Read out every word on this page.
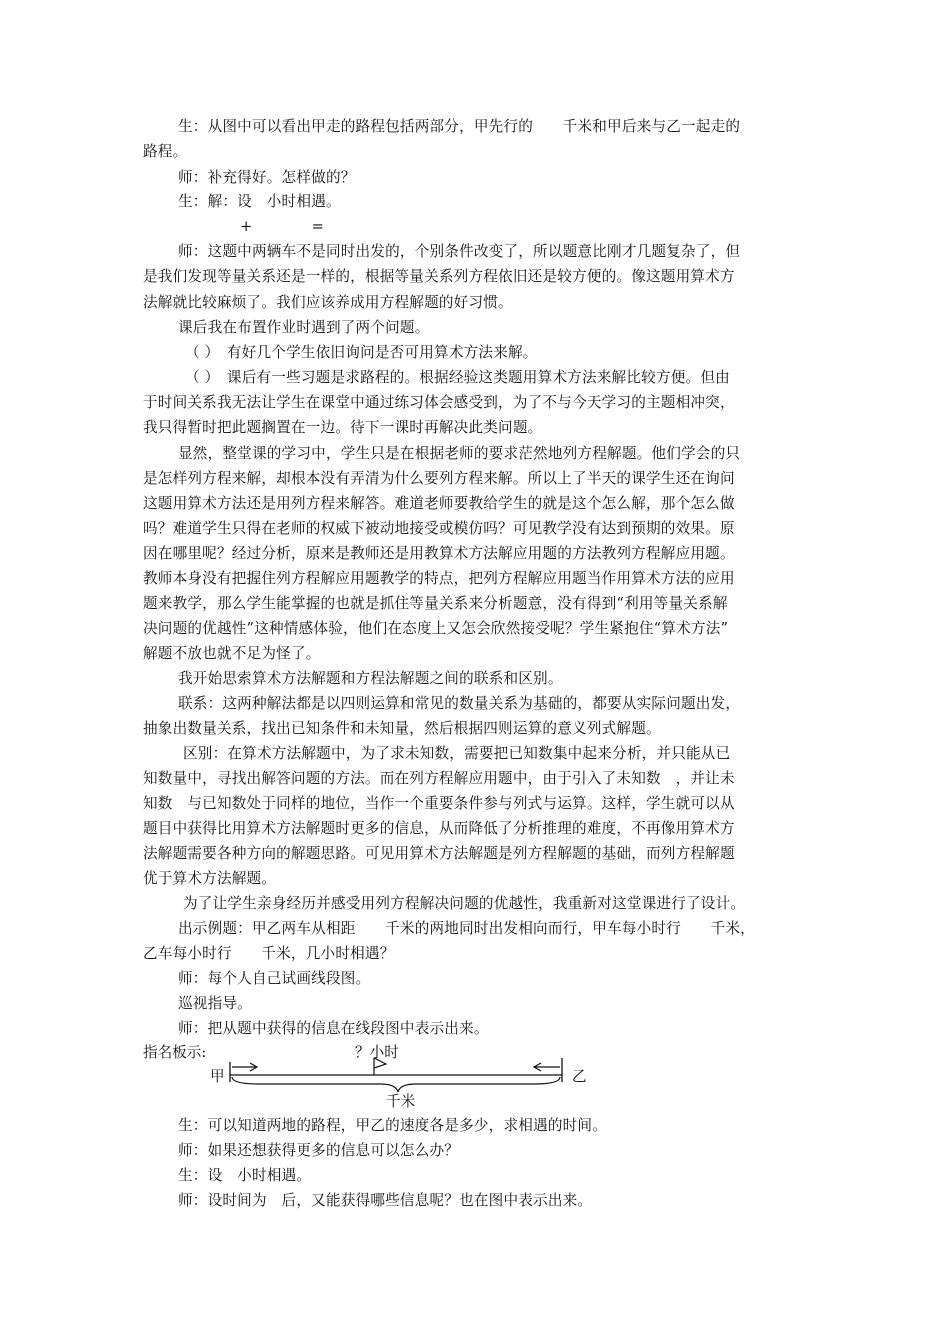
生：从图中可以看出甲走的路程包括两部分，甲先行的　　千米和甲后来与乙一起走的
路程。
师：补充得好。怎样做的？
生：解：设　小时相遇。
+　　　　=
师：这题中两辆车不是同时出发的，个别条件改变了，所以题意比刚才几题复杂了，但
是我们发现等量关系还是一样的，根据等量关系列方程依旧还是较方便的。像这题用算术方
法解就比较麻烦了。我们应该养成用方程解题的好习惯。
课后我在布置作业时遇到了两个问题。
（ ）　有好几个学生依旧询问是否可用算术方法来解。
（ ）　课后有一些习题是求路程的。根据经验这类题用算术方法来解比较方便。但由
于时间关系我无法让学生在课堂中通过练习体会感受到，为了不与今天学习的主题相冲突，
我只得暂时把此题搁置在一边。待下一课时再解决此类问题。
显然，整堂课的学习中，学生只是在根据老师的要求茫然地列方程解题。他们学会的只
是怎样列方程来解，却根本没有弄清为什么要列方程来解。所以上了半天的课学生还在询问
这题用算术方法还是用列方程来解答。难道老师要教给学生的就是这个怎么解，那个怎么做
吗？难道学生只得在老师的权威下被动地接受或模仿吗？可见教学没有达到预期的效果。原
因在哪里呢？经过分析，原来是教师还是用教算术方法解应用题的方法教列方程解应用题。
教师本身没有把握住列方程解应用题教学的特点，把列方程解应用题当作用算术方法的应用
题来教学，那么学生能掌握的也就是抓住等量关系来分析题意，没有得到“利用等量关系解
决问题的优越性”这种情感体验，他们在态度上又怎会欣然接受呢？学生紧抱住“算术方法”
解题不放也就不足为怪了。
我开始思索算术方法解题和方程法解题之间的联系和区别。
联系：这两种解法都是以四则运算和常见的数量关系为基础的，都要从实际问题出发，
抽象出数量关系，找出已知条件和未知量，然后根据四则运算的意义列式解题。
区别：在算术方法解题中，为了求未知数，需要把已知数集中起来分析，并只能从已
知数量中，寻找出解答问题的方法。而在列方程解应用题中，由于引入了未知数　，并让未
知数　与已知数处于同样的地位，当作一个重要条件参与列式与运算。这样，学生就可以从
题目中获得比用算术方法解题时更多的信息，从而降低了分析推理的难度，不再像用算术方
法解题需要各种方向的解题思路。可见用算术方法解题是列方程解题的基础，而列方程解题
优于算术方法解题。
为了让学生亲身经历并感受用列方程解决问题的优越性，我重新对这堂课进行了设计。
出示例题：甲乙两车从相距　　千米的两地同时出发相向而行，甲车每小时行　　千米，
乙车每小时行　　千米，几小时相遇？
师：每个人自己试画线段图。
巡视指导。
师：把从题中获得的信息在线段图中表示出来。
指名板示:	？小时
甲	乙
千米
生：可以知道两地的路程，甲乙的速度各是多少，求相遇的时间。
师：如果还想获得更多的信息可以怎么办？
生：设　小时相遇。
师：设时间为　后，又能获得哪些信息呢？也在图中表示出来。
